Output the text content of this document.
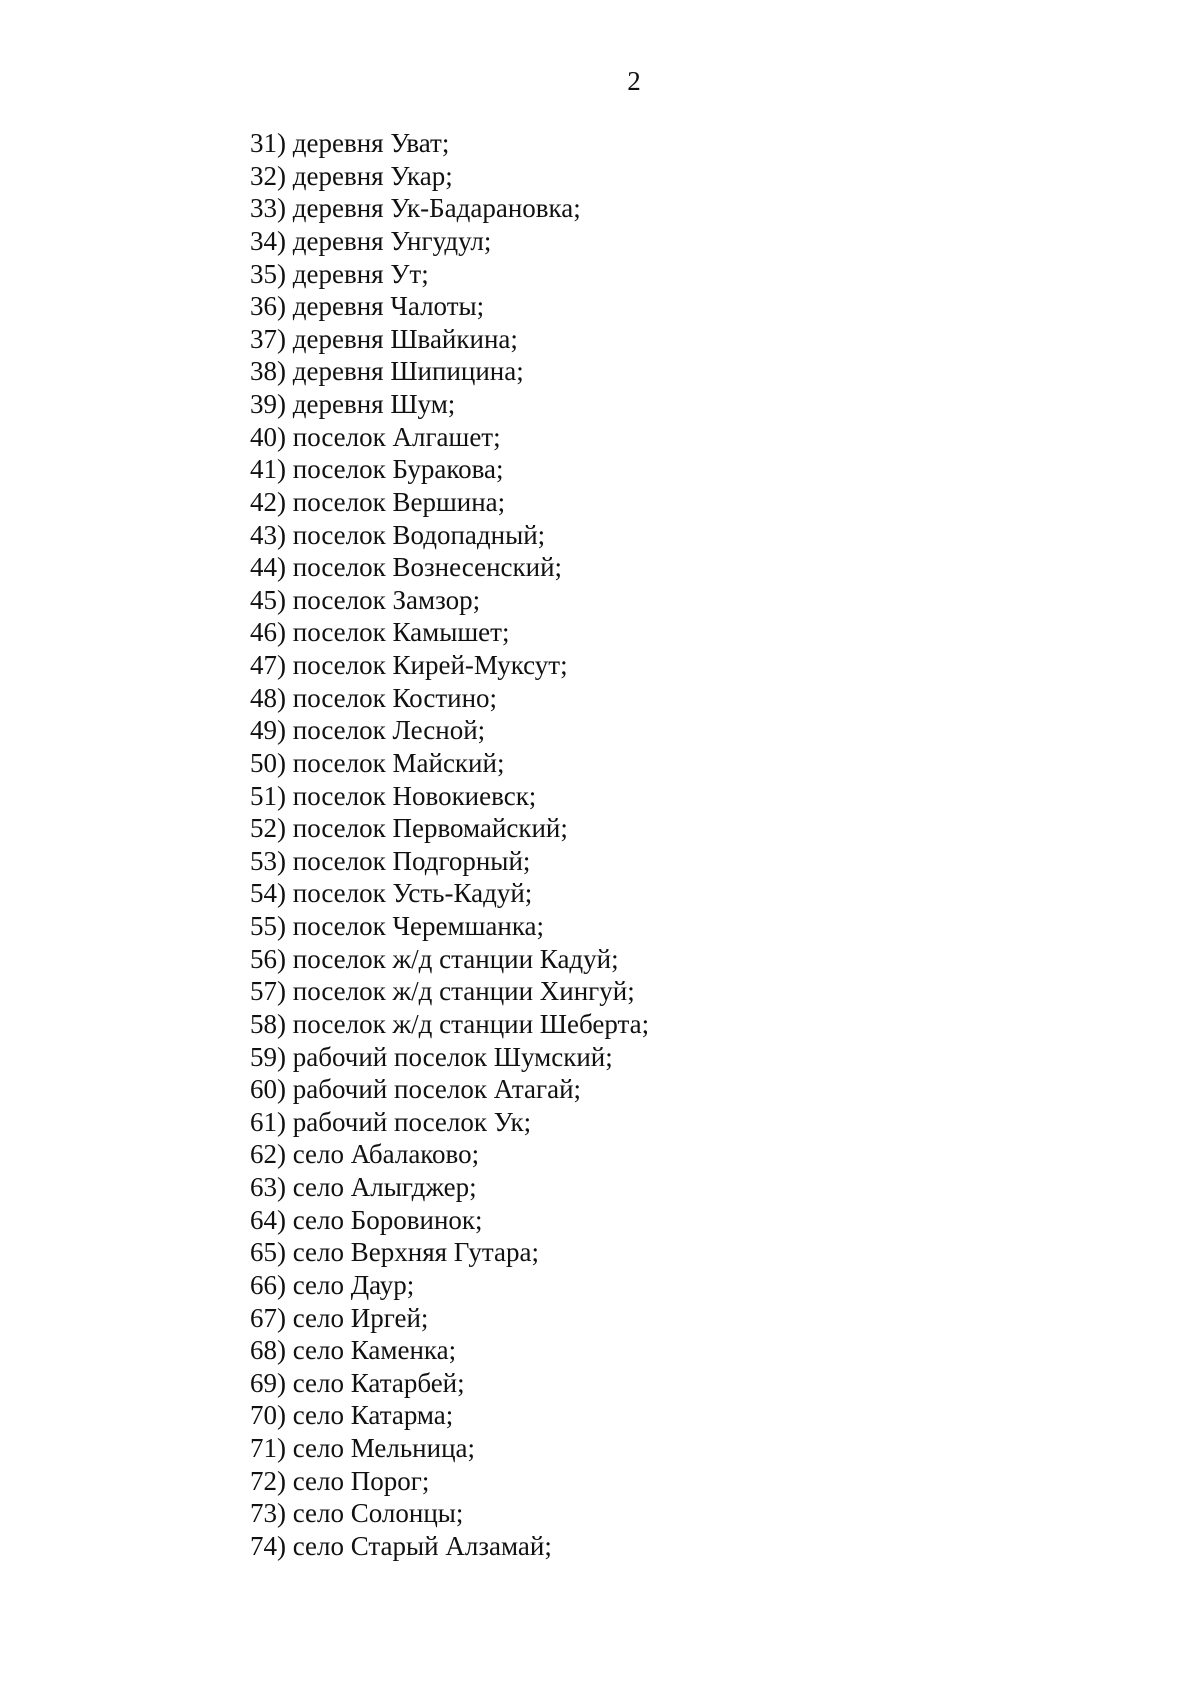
2
31) деревня Уват;
32) деревня Укар;
33) деревня Ук-Бадарановка;
34) деревня Унгудул;
35) деревня Ут;
36) деревня Чалоты;
37) деревня Швайкина;
38) деревня Шипицина;
39) деревня Шум;
40) поселок Алгашет;
41) поселок Буракова;
42) поселок Вершина;
43) поселок Водопадный;
44) поселок Вознесенский;
45) поселок Замзор;
46) поселок Камышет;
47) поселок Кирей-Муксут;
48) поселок Костино;
49) поселок Лесной;
50) поселок Майский;
51) поселок Новокиевск;
52) поселок Первомайский;
53) поселок Подгорный;
54) поселок Усть-Кадуй;
55) поселок Черемшанка;
56) поселок ж/д станции Кадуй;
57) поселок ж/д станции Хингуй;
58) поселок ж/д станции Шеберта;
59) рабочий поселок Шумский;
60) рабочий поселок Атагай;
61) рабочий поселок Ук;
62) село Абалаково;
63) село Алыгджер;
64) село Боровинок;
65) село Верхняя Гутара;
66) село Даур;
67) село Иргей;
68) село Каменка;
69) село Катарбей;
70) село Катарма;
71) село Мельница;
72) село Порог;
73) село Солонцы;
74) село Старый Алзамай;
